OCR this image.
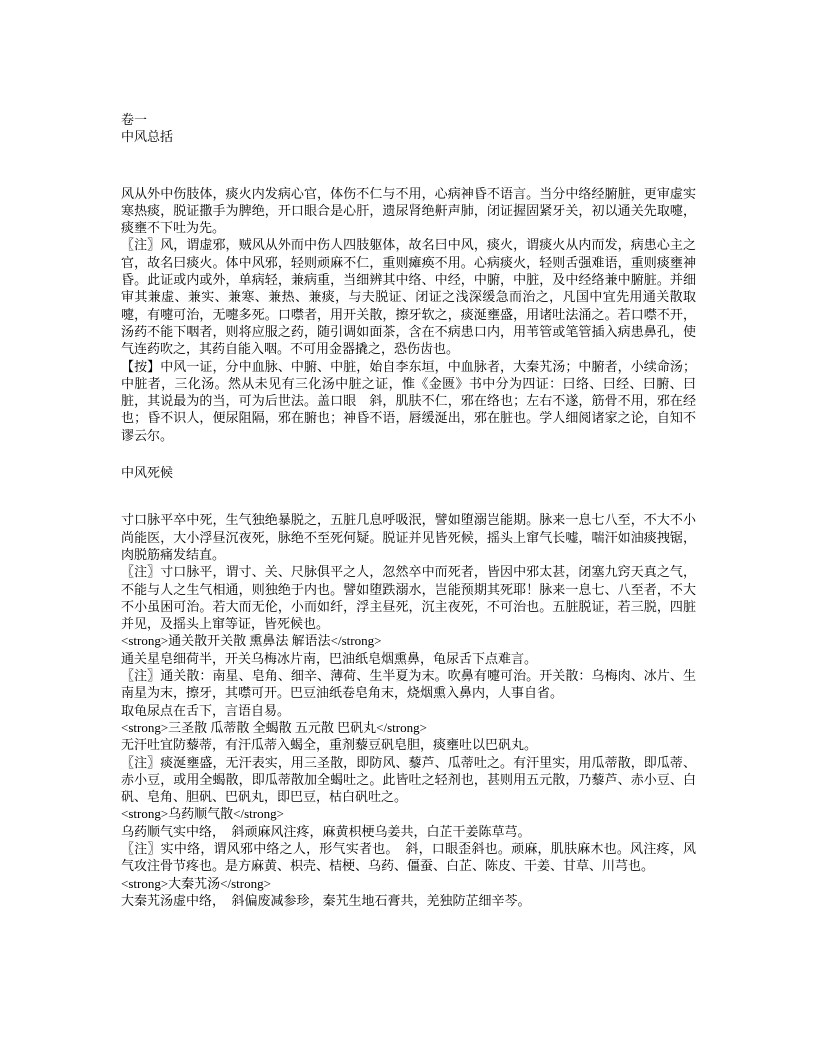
卷一
中风总括
风从外中伤肢体，痰火内发病心官，体伤不仁与不用，心病神昏不语言。当分中络经腑脏，更审虚实寒热痰，脱证撒手为脾绝，开口眼合是心肝，遗尿肾绝鼾声肺，闭证握固紧牙关，初以通关先取嚏，痰壅不下吐为先。
〖注〗风，谓虚邪，贼风从外而中伤人四肢躯体，故名曰中风，痰火，谓痰火从内而发，病患心主之官，故名曰痰火。体中风邪，轻则顽麻不仁，重则瘫痪不用。心病痰火，轻则舌强难语，重则痰壅神昏。此证或内或外，单病轻，兼病重，当细辨其中络、中经，中腑，中脏，及中经络兼中腑脏。并细审其兼虚、兼实、兼寒、兼热、兼痰，与夫脱证、闭证之浅深缓急而治之，凡国中宜先用通关散取嚏，有嚏可治，无嚏多死。口噤者，用开关散，擦牙软之，痰涎壅盛，用诸吐法涌之。若口噤不开，汤药不能下咽者，则将应服之药，随引调如面茶，含在不病患口内，用苇管或笔管插入病患鼻孔，使气连药吹之，其药自能入咽。不可用金器撬之，恐伤齿也。
【按】中风一证，分中血脉、中腑、中脏，始自李东垣，中血脉者，大秦艽汤；中腑者，小续命汤；中脏者，三化汤。然从未见有三化汤中脏之证，惟《金匮》书中分为四证：曰络、曰经、曰腑、曰脏，其说最为的当，可为后世法。盖口眼　斜，肌肤不仁，邪在络也；左右不遂，筋骨不用，邪在经也；昏不识人，便尿阻隔，邪在腑也；神昏不语，唇缓涎出，邪在脏也。学人细阅诸家之论，自知不谬云尔。
中风死候
寸口脉平卒中死，生气独绝暴脱之，五脏几息呼吸泯，譬如堕溺岂能期。脉来一息七八至，不大不小尚能医，大小浮昼沉夜死，脉绝不至死何疑。脱证并见皆死候，摇头上窜气长嘘，喘汗如油痰拽锯，肉脱筋痛发结直。
〖注〗寸口脉平，谓寸、关、尺脉俱平之人，忽然卒中而死者，皆因中邪太甚，闭塞九窍天真之气，不能与人之生气相通，则独绝于内也。譬如堕跌溺水，岂能预期其死耶！脉来一息七、八至者，不大不小虽困可治。若大而无伦，小而如纤，浮主昼死，沉主夜死，不可治也。五脏脱证，若三脱，四脏并见，及摇头上窜等证，皆死候也。
<strong>通关散开关散 熏鼻法 解语法</strong>
通关星皂细荷半，开关乌梅冰片南，巴油纸皂烟熏鼻，龟尿舌下点难言。
〖注〗通关散：南星、皂角、细辛、薄荷、生半夏为末。吹鼻有嚏可治。开关散：乌梅肉、冰片、生南星为末，擦牙，其噤可开。巴豆油纸卷皂角末，烧烟熏入鼻内，人事自省。
取龟尿点在舌下，言语自易。
<strong>三圣散 瓜蒂散 全蝎散 五元散 巴矾丸</strong>
无汗吐宜防藜蒂，有汗瓜蒂入蝎全，重剂藜豆矾皂胆，痰壅吐以巴矾丸。
〖注〗痰涎壅盛，无汗表实，用三圣散，即防风、藜芦、瓜蒂吐之。有汗里实，用瓜蒂散，即瓜蒂、赤小豆，或用全蝎散，即瓜蒂散加全蝎吐之。此皆吐之轻剂也，甚则用五元散，乃藜芦、赤小豆、白矾、皂角、胆矾、巴矾丸，即巴豆，枯白矾吐之。
<strong>乌药顺气散</strong>
乌药顺气实中络，　斜顽麻风注疼，麻黄枳梗乌姜共，白芷干姜陈草芎。
〖注〗实中络，谓风邪中络之人，形气实者也。　斜，口眼歪斜也。顽麻，肌肤麻木也。风注疼，风气攻注骨节疼也。是方麻黄、枳壳、桔梗、乌药、僵蚕、白芷、陈皮、干姜、甘草、川芎也。
<strong>大秦艽汤</strong>
大秦艽汤虚中络，　斜偏废减参珍，秦艽生地石膏共，羌独防芷细辛芩。
